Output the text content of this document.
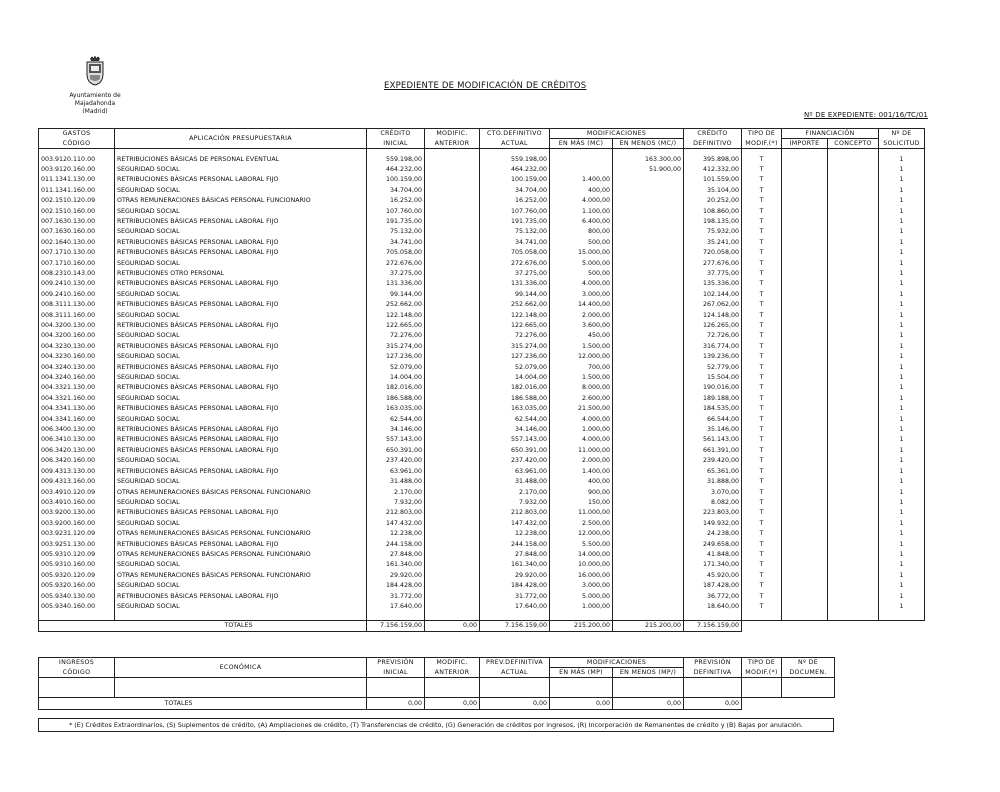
Ayuntamiento de
Majadahonda
(Madrid)
EXPEDIENTE DE MODIFICACIÓN DE CRÉDITOS
Nº DE EXPEDIENTE: 001/16/TC/01
GASTOS	APLICACIÓN PRESUPUESTARIA	CRÉDITO	MODIFIC.	CTO.DEFINITIVO	MODIFICACIONES		CRÉDITO	TIPO DE	FINANCIACIÓN		Nº DE
CÓDIGO		INICIAL	ANTERIOR	ACTUAL	EN MÁS (MC)	EN MENOS (MC/)	DEFINITIVO	MODIF.(*)	IMPORTE	CONCEPTO	SOLICITUD

003.9120.110.00	RETRIBUCIONES BÁSICAS DE PERSONAL EVENTUAL	559.198,00		559.198,00		163.300,00	395.898,00	T			1
003.9120.160.00	SEGURIDAD SOCIAL	464.232,00		464.232,00		51.900,00	412.332,00	T			1
011.1341.130.00	RETRIBUCIONES BÁSICAS PERSONAL LABORAL FIJO	100.159,00		100.159,00	1.400,00		101.559,00	T			1
011.1341.160.00	SEGURIDAD SOCIAL	34.704,00		34.704,00	400,00		35.104,00	T			1
002.1510.120.09	OTRAS REMUNERACIONES BÁSICAS PERSONAL FUNCIONARIO	16.252,00		16.252,00	4.000,00		20.252,00	T			1
002.1510.160.00	SEGURIDAD SOCIAL	107.760,00		107.760,00	1.100,00		108.860,00	T			1
007.1630.130.00	RETRIBUCIONES BÁSICAS PERSONAL LABORAL FIJO	191.735,00		191.735,00	6.400,00		198.135,00	T			1
007.1630.160.00	SEGURIDAD SOCIAL	75.132,00		75.132,00	800,00		75.932,00	T			1
002.1640.130.00	RETRIBUCIONES BÁSICAS PERSONAL LABORAL FIJO	34.741,00		34.741,00	500,00		35.241,00	T			1
007.1710.130.00	RETRIBUCIONES BÁSICAS PERSONAL LABORAL FIJO	705.058,00		705.058,00	15.000,00		720.058,00	T			1
007.1710.160.00	SEGURIDAD SOCIAL	272.676,00		272.676,00	5.000,00		277.676,00	T			1
008.2310.143.00	RETRIBUCIONES OTRO PERSONAL	37.275,00		37.275,00	500,00		37.775,00	T			1
009.2410.130.00	RETRIBUCIONES BÁSICAS PERSONAL LABORAL FIJO	131.336,00		131.336,00	4.000,00		135.336,00	T			1
009.2410.160.00	SEGURIDAD SOCIAL	99.144,00		99.144,00	3.000,00		102.144,00	T			1
008.3111.130.00	RETRIBUCIONES BÁSICAS PERSONAL LABORAL FIJO	252.662,00		252.662,00	14.400,00		267.062,00	T			1
008.3111.160.00	SEGURIDAD SOCIAL	122.148,00		122.148,00	2.000,00		124.148,00	T			1
004.3200.130.00	RETRIBUCIONES BÁSICAS PERSONAL LABORAL FIJO	122.665,00		122.665,00	3.600,00		126.265,00	T			1
004.3200.160.00	SEGURIDAD SOCIAL	72.276,00		72.276,00	450,00		72.726,00	T			1
004.3230.130.00	RETRIBUCIONES BÁSICAS PERSONAL LABORAL FIJO	315.274,00		315.274,00	1.500,00		316.774,00	T			1
004.3230.160.00	SEGURIDAD SOCIAL	127.236,00		127.236,00	12.000,00		139.236,00	T			1
004.3240.130.00	RETRIBUCIONES BÁSICAS PERSONAL LABORAL FIJO	52.079,00		52.079,00	700,00		52.779,00	T			1
004.3240.160.00	SEGURIDAD SOCIAL	14.004,00		14.004,00	1.500,00		15.504,00	T			1
004.3321.130.00	RETRIBUCIONES BÁSICAS PERSONAL LABORAL FIJO	182.016,00		182.016,00	8.000,00		190.016,00	T			1
004.3321.160.00	SEGURIDAD SOCIAL	186.588,00		186.588,00	2.600,00		189.188,00	T			1
004.3341.130.00	RETRIBUCIONES BÁSICAS PERSONAL LABORAL FIJO	163.035,00		163.035,00	21.500,00		184.535,00	T			1
004.3341.160.00	SEGURIDAD SOCIAL	62.544,00		62.544,00	4.000,00		66.544,00	T			1
006.3400.130.00	RETRIBUCIONES BÁSICAS PERSONAL LABORAL FIJO	34.146,00		34.146,00	1.000,00		35.146,00	T			1
006.3410.130.00	RETRIBUCIONES BÁSICAS PERSONAL LABORAL FIJO	557.143,00		557.143,00	4.000,00		561.143,00	T			1
006.3420.130.00	RETRIBUCIONES BÁSICAS PERSONAL LABORAL FIJO	650.391,00		650.391,00	11.000,00		661.391,00	T			1
006.3420.160.00	SEGURIDAD SOCIAL	237.420,00		237.420,00	2.000,00		239.420,00	T			1
009.4313.130.00	RETRIBUCIONES BÁSICAS PERSONAL LABORAL FIJO	63.961,00		63.961,00	1.400,00		65.361,00	T			1
009.4313.160.00	SEGURIDAD SOCIAL	31.488,00		31.488,00	400,00		31.888,00	T			1
003.4910.120.09	OTRAS REMUNERACIONES BÁSICAS PERSONAL FUNCIONARIO	2.170,00		2.170,00	900,00		3.070,00	T			1
003.4910.160.00	SEGURIDAD SOCIAL	7.932,00		7.932,00	150,00		8.082,00	T			1
003.9200.130.00	RETRIBUCIONES BÁSICAS PERSONAL LABORAL FIJO	212.803,00		212.803,00	11.000,00		223.803,00	T			1
003.9200.160.00	SEGURIDAD SOCIAL	147.432,00		147.432,00	2.500,00		149.932,00	T			1
003.9231.120.09	OTRAS REMUNERACIONES BÁSICAS PERSONAL FUNCIONARIO	12.238,00		12.238,00	12.000,00		24.238,00	T			1
003.9251.130.00	RETRIBUCIONES BÁSICAS PERSONAL LABORAL FIJO	244.158,00		244.158,00	5.500,00		249.658,00	T			1
005.9310.120.09	OTRAS REMUNERACIONES BÁSICAS PERSONAL FUNCIONARIO	27.848,00		27.848,00	14.000,00		41.848,00	T			1
005.9310.160.00	SEGURIDAD SOCIAL	161.340,00		161.340,00	10.000,00		171.340,00	T			1
005.9320.120.09	OTRAS REMUNERACIONES BÁSICAS PERSONAL FUNCIONARIO	29.920,00		29.920,00	16.000,00		45.920,00	T			1
005.9320.160.00	SEGURIDAD SOCIAL	184.428,00		184.428,00	3.000,00		187.428,00	T			1
005.9340.130.00	RETRIBUCIONES BÁSICAS PERSONAL LABORAL FIJO	31.772,00		31.772,00	5.000,00		36.772,00	T			1
005.9340.160.00	SEGURIDAD SOCIAL	17.640,00		17.640,00	1.000,00		18.640,00	T			1

	TOTALES	7.156.159,00	0,00	7.156.159,00	215.200,00	215.200,00	7.156.159,00				
INGRESOS	ECONÓMICA	PREVISIÓN	MODIFIC.	PREV.DEFINITIVA	MODIFICACIONES		PREVISIÓN	TIPO DE	Nº DE
CÓDIGO		INICIAL	ANTERIOR	ACTUAL	EN MÁS (MP)	EN MENOS (MP/)	DEFINITIVA	MODIF.(*)	DOCUMEN.

	TOTALES	0,00	0,00	0,00	0,00	0,00	0,00		
* (E) Créditos Extraordinarios, (S) Suplementos de crédito, (A) Ampliaciones de crédito, (T) Transferencias de crédito, (G) Generación de créditos por ingresos, (R) Incorporación de Remanentes de crédito y (B) Bajas por anulación.
